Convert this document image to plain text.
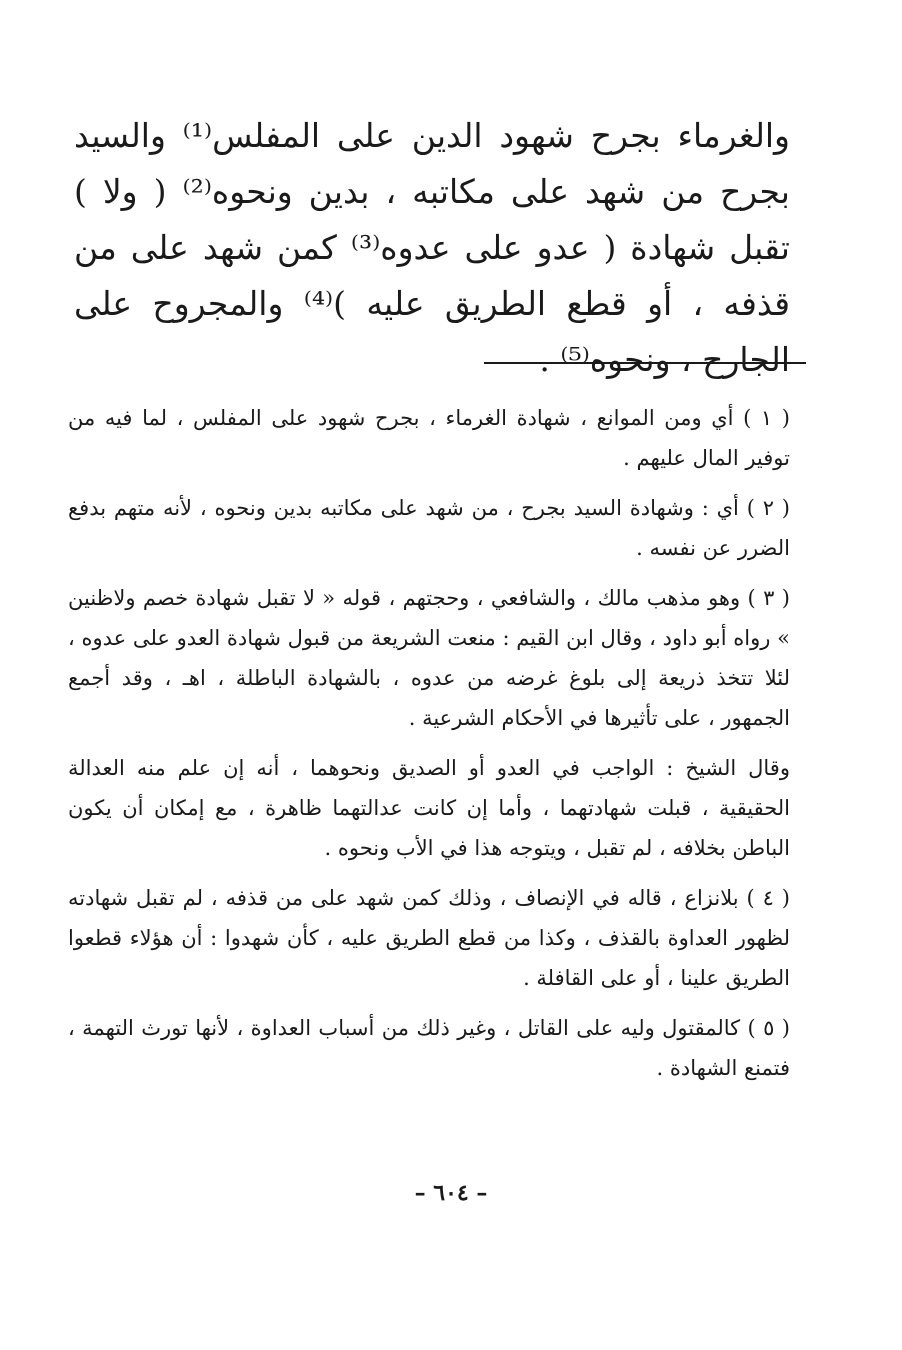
والغرماء بجرح شهود الدين على المفلس⁽¹⁾ والسيد بجرح من شهد على مكاتبه ، بدين ونحوه⁽²⁾ ( ولا ) تقبل شهادة ( عدو على عدوه⁽³⁾ كمن شهد على من قذفه ، أو قطع الطريق عليه )⁽⁴⁾ والمجروح على الجارح ، ونحوه⁽⁵⁾ .

( ١ ) أي ومن الموانع ، شهادة الغرماء ، بجرح شهود على المفلس ، لما فيه من توفير المال عليهم .

( ٢ ) أي : وشهادة السيد بجرح ، من شهد على مكاتبه بدين ونحوه ، لأنه متهم بدفع الضرر عن نفسه .

( ٣ ) وهو مذهب مالك ، والشافعي ، وحجتهم ، قوله « لا تقبل شهادة خصم ولاظنين » رواه أبو داود ، وقال ابن القيم : منعت الشريعة من قبول شهادة العدو على عدوه ، لئلا تتخذ ذريعة إلى بلوغ غرضه من عدوه ، بالشهادة الباطلة ، اهـ ، وقد أجمع الجمهور ، على تأثيرها في الأحكام الشرعية .

وقال الشيخ : الواجب في العدو أو الصديق ونحوهما ، أنه إن علم منه العدالة الحقيقية ، قبلت شهادتهما ، وأما إن كانت عدالتهما ظاهرة ، مع إمكان أن يكون الباطن بخلافه ، لم تقبل ، ويتوجه هذا في الأب ونحوه .

( ٤ ) بلانزاع ، قاله في الإنصاف ، وذلك كمن شهد على من قذفه ، لم تقبل شهادته لظهور العداوة بالقذف ، وكذا من قطع الطريق عليه ، كأن شهدوا : أن هؤلاء قطعوا الطريق علينا ، أو على القافلة .

( ٥ ) كالمقتول وليه على القاتل ، وغير ذلك من أسباب العداوة ، لأنها تورث التهمة ، فتمنع الشهادة .

– ٦٠٤ –
